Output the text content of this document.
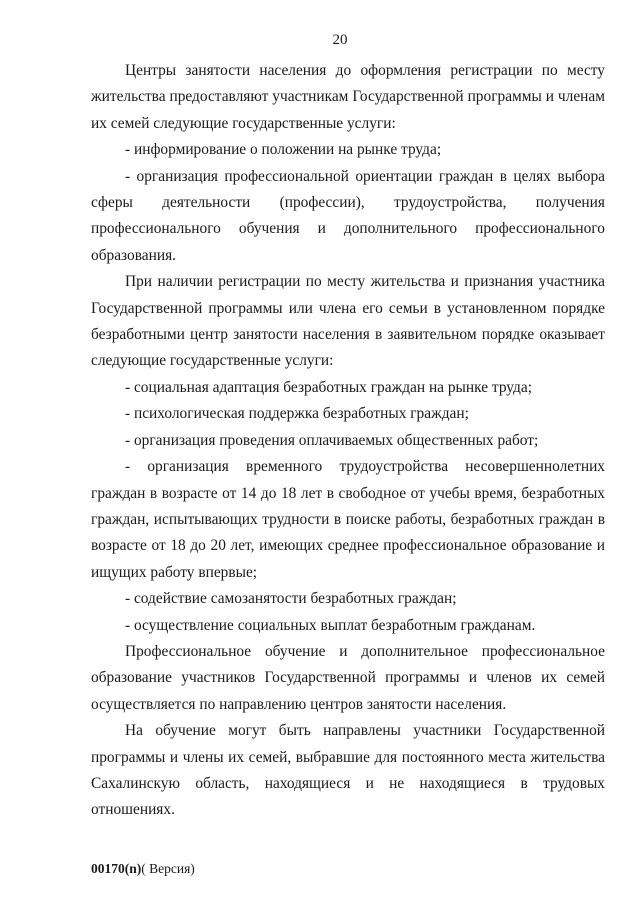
20

Центры занятости населения до оформления регистрации по месту жительства предоставляют участникам Государственной программы и членам их семей следующие государственные услуги:

- информирование о положении на рынке труда;

- организация профессиональной ориентации граждан в целях выбора сферы деятельности (профессии), трудоустройства, получения профессионального обучения и дополнительного профессионального образования.

При наличии регистрации по месту жительства и признания участника Государственной программы или члена его семьи в установленном порядке безработными центр занятости населения в заявительном порядке оказывает следующие государственные услуги:

- социальная адаптация безработных граждан на рынке труда;

- психологическая поддержка безработных граждан;

- организация проведения оплачиваемых общественных работ;

- организация временного трудоустройства несовершеннолетних граждан в возрасте от 14 до 18 лет в свободное от учебы время, безработных граждан, испытывающих трудности в поиске работы, безработных граждан в возрасте от 18 до 20 лет, имеющих среднее профессиональное образование и ищущих работу впервые;

- содействие самозанятости безработных граждан;

- осуществление социальных выплат безработным гражданам.

Профессиональное обучение и дополнительное профессиональное образование участников Государственной программы и членов их семей осуществляется по направлению центров занятости населения.

На обучение могут быть направлены участники Государственной программы и члены их семей, выбравшие для постоянного места жительства Сахалинскую область, находящиеся и не находящиеся в трудовых отношениях.

00170(n)( Версия)
